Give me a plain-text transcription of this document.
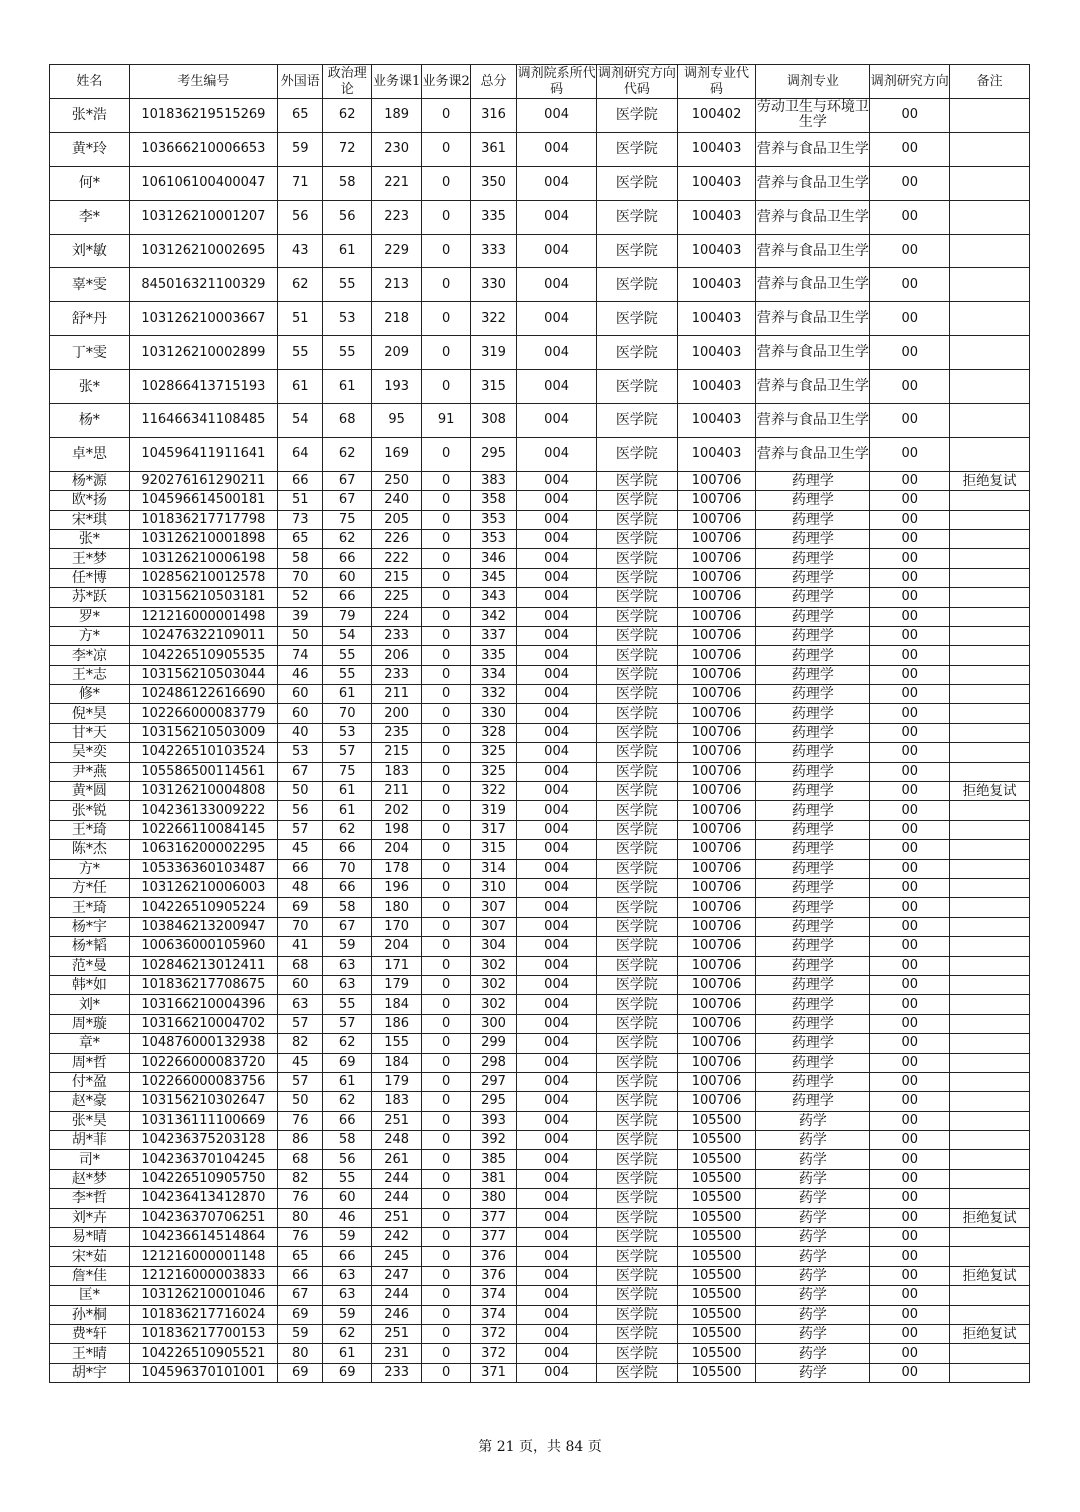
姓名	考生编号	外国语	政治理论	业务课1	业务课2	总分	调剂院系所代码	调剂研究方向代码	调剂专业代码	调剂专业	调剂研究方向	备注
张*浩	101836219515269	65	62	189	0	316	004	医学院	100402	劳动卫生与环境卫生学	00	
黄*玲	103666210006653	59	72	230	0	361	004	医学院	100403	营养与食品卫生学	00	
何*	106106100400047	71	58	221	0	350	004	医学院	100403	营养与食品卫生学	00	
李*	103126210001207	56	56	223	0	335	004	医学院	100403	营养与食品卫生学	00	
刘*敏	103126210002695	43	61	229	0	333	004	医学院	100403	营养与食品卫生学	00	
辜*雯	845016321100329	62	55	213	0	330	004	医学院	100403	营养与食品卫生学	00	
舒*丹	103126210003667	51	53	218	0	322	004	医学院	100403	营养与食品卫生学	00	
丁*雯	103126210002899	55	55	209	0	319	004	医学院	100403	营养与食品卫生学	00	
张*	102866413715193	61	61	193	0	315	004	医学院	100403	营养与食品卫生学	00	
杨*	116466341108485	54	68	95	91	308	004	医学院	100403	营养与食品卫生学	00	
卓*思	104596411911641	64	62	169	0	295	004	医学院	100403	营养与食品卫生学	00	
杨*源	920276161290211	66	67	250	0	383	004	医学院	100706	药理学	00	拒绝复试
欧*扬	104596614500181	51	67	240	0	358	004	医学院	100706	药理学	00	
宋*琪	101836217717798	73	75	205	0	353	004	医学院	100706	药理学	00	
张*	103126210001898	65	62	226	0	353	004	医学院	100706	药理学	00	
王*梦	103126210006198	58	66	222	0	346	004	医学院	100706	药理学	00	
任*博	102856210012578	70	60	215	0	345	004	医学院	100706	药理学	00	
苏*跃	103156210503181	52	66	225	0	343	004	医学院	100706	药理学	00	
罗*	121216000001498	39	79	224	0	342	004	医学院	100706	药理学	00	
方*	102476322109011	50	54	233	0	337	004	医学院	100706	药理学	00	
李*凉	104226510905535	74	55	206	0	335	004	医学院	100706	药理学	00	
王*志	103156210503044	46	55	233	0	334	004	医学院	100706	药理学	00	
修*	102486122616690	60	61	211	0	332	004	医学院	100706	药理学	00	
倪*昊	102266000083779	60	70	200	0	330	004	医学院	100706	药理学	00	
甘*天	103156210503009	40	53	235	0	328	004	医学院	100706	药理学	00	
吴*奕	104226510103524	53	57	215	0	325	004	医学院	100706	药理学	00	
尹*燕	105586500114561	67	75	183	0	325	004	医学院	100706	药理学	00	
黄*圆	103126210004808	50	61	211	0	322	004	医学院	100706	药理学	00	拒绝复试
张*锐	104236133009222	56	61	202	0	319	004	医学院	100706	药理学	00	
王*琦	102266110084145	57	62	198	0	317	004	医学院	100706	药理学	00	
陈*杰	106316200002295	45	66	204	0	315	004	医学院	100706	药理学	00	
方*	105336360103487	66	70	178	0	314	004	医学院	100706	药理学	00	
方*任	103126210006003	48	66	196	0	310	004	医学院	100706	药理学	00	
王*琦	104226510905224	69	58	180	0	307	004	医学院	100706	药理学	00	
杨*宇	103846213200947	70	67	170	0	307	004	医学院	100706	药理学	00	
杨*韬	100636000105960	41	59	204	0	304	004	医学院	100706	药理学	00	
范*曼	102846213012411	68	63	171	0	302	004	医学院	100706	药理学	00	
韩*如	101836217708675	60	63	179	0	302	004	医学院	100706	药理学	00	
刘*	103166210004396	63	55	184	0	302	004	医学院	100706	药理学	00	
周*璇	103166210004702	57	57	186	0	300	004	医学院	100706	药理学	00	
章*	104876000132938	82	62	155	0	299	004	医学院	100706	药理学	00	
周*哲	102266000083720	45	69	184	0	298	004	医学院	100706	药理学	00	
付*盈	102266000083756	57	61	179	0	297	004	医学院	100706	药理学	00	
赵*豪	103156210302647	50	62	183	0	295	004	医学院	100706	药理学	00	
张*昊	103136111100669	76	66	251	0	393	004	医学院	105500	药学	00	
胡*菲	104236375203128	86	58	248	0	392	004	医学院	105500	药学	00	
司*	104236370104245	68	56	261	0	385	004	医学院	105500	药学	00	
赵*梦	104226510905750	82	55	244	0	381	004	医学院	105500	药学	00	
李*哲	104236413412870	76	60	244	0	380	004	医学院	105500	药学	00	
刘*卉	104236370706251	80	46	251	0	377	004	医学院	105500	药学	00	拒绝复试
易*晴	104236614514864	76	59	242	0	377	004	医学院	105500	药学	00	
宋*茹	121216000001148	65	66	245	0	376	004	医学院	105500	药学	00	
詹*佳	121216000003833	66	63	247	0	376	004	医学院	105500	药学	00	拒绝复试
匡*	103126210001046	67	63	244	0	374	004	医学院	105500	药学	00	
孙*桐	101836217716024	69	59	246	0	374	004	医学院	105500	药学	00	
费*轩	101836217700153	59	62	251	0	372	004	医学院	105500	药学	00	拒绝复试
王*晴	104226510905521	80	61	231	0	372	004	医学院	105500	药学	00	
胡*宇	104596370101001	69	69	233	0	371	004	医学院	105500	药学	00	
第 21 页，共 84 页
